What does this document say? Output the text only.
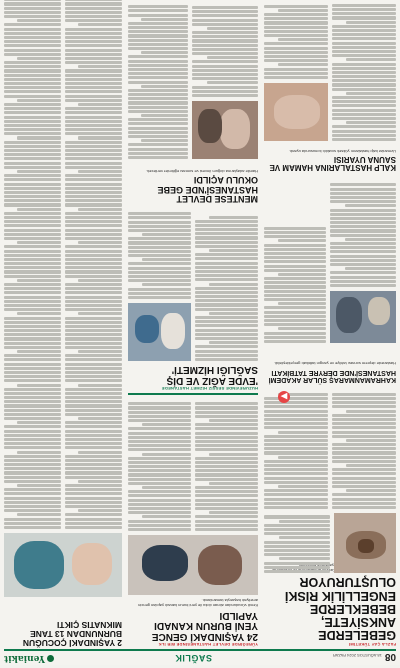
0818 AĞUSTOS 2024 PAZAR
SAĞLIK
Yeniakit
FAZLA ÇAY TÜKETİMİ
GEBELERDE ANKSİYETE, BEBEKLERDE ENGELLİLİK RİSKİ OLUŞTURUYOR
▶
KAHRAMANMARAŞ SÜLAR AKADEMİ HASTANESİ'NDE DERYRE TATBİKATI
Hastanede deprem sonrası tahliye ve yangın tatbikatı gerçekleştirildi.
KALP HASTALARINA HAMAM VE SAUNA UYARISI
Uzmanlar kalp hastalarını yüksek sıcaklık konusunda uyardı.
YÜREĞİRDE DEVLET HASTANESİNDE BİR İLK
24 YAŞINDAKİ GENCE YENİ BURUN KANADI YAPILDI
Kendi vücudundan alınan doku ile yeni burun kanadı yapılan gencin ameliyatı başarıyla tamamlandı.
HUZUREVİNDE SESSİZ HİZMET HASTANEDE
'EVDE AĞIZ VE DİŞ SAĞLIĞI HİZMETİ'
MENTESE DEVLET HASTANESİ'NDE GEBE OKULU AÇILDI
Hamile adaylarına doğum öncesi ve sonrası eğitimler verilecek.
2 YAŞINDAKİ ÇOCUĞUN BURNUNDAN 13 TANE MIKNATIS ÇIKTI
